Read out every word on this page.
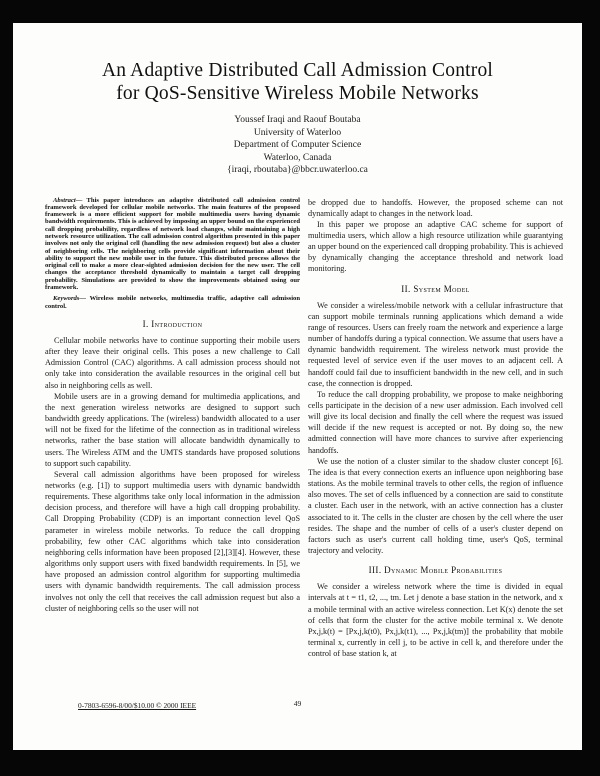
An Adaptive Distributed Call Admission Control
for QoS-Sensitive Wireless Mobile Networks
Youssef Iraqi and Raouf Boutaba
University of Waterloo
Department of Computer Science
Waterloo, Canada
{iraqi, rboutaba}@bbcr.uwaterloo.ca

Abstract— This paper introduces an adaptive distributed call admission control framework developed for cellular mobile networks. The main features of the proposed framework is a more efficient support for mobile multimedia users having dynamic bandwidth requirements. This is achieved by imposing an upper bound on the experienced call dropping probability, regardless of network load changes, while maintaining a high network resource utilization. The call admission control algorithm presented in this paper involves not only the original cell (handling the new admission request) but also a cluster of neighboring cells. The neighboring cells provide significant information about their ability to support the new mobile user in the future. This distributed process allows the original cell to make a more clear-sighted admission decision for the new user. The cell changes the acceptance threshold dynamically to maintain a target call dropping probability. Simulations are provided to show the improvements obtained using our framework.

Keywords— Wireless mobile networks, multimedia traffic, adaptive call admission control.

I. Introduction

Cellular mobile networks have to continue supporting their mobile users after they leave their original cells. This poses a new challenge to Call Admission Control (CAC) algorithms. A call admission process should not only take into consideration the available resources in the original cell but also in neighboring cells as well.

Mobile users are in a growing demand for multimedia applications, and the next generation wireless networks are designed to support such bandwidth greedy applications. The (wireless) bandwidth allocated to a user will not be fixed for the lifetime of the connection as in traditional wireless networks, rather the base station will allocate bandwidth dynamically to users. The Wireless ATM and the UMTS standards have proposed solutions to support such capability.

Several call admission algorithms have been proposed for wireless networks (e.g. [1]) to support multimedia users with dynamic bandwidth requirements. These algorithms take only local information in the admission decision process, and therefore will have a high call dropping probability. Call Dropping Probability (CDP) is an important connection level QoS parameter in wireless mobile networks. To reduce the call dropping probability, few other CAC algorithms which take into consideration neighboring cells information have been proposed [2],[3][4]. However, these algorithms only support users with fixed bandwidth requirements. In [5], we have proposed an admission control algorithm for supporting multimedia users with dynamic bandwidth requirements. The call admission process involves not only the cell that receives the call admission request but also a cluster of neighboring cells so the user will not

be dropped due to handoffs. However, the proposed scheme can not dynamically adapt to changes in the network load.

In this paper we propose an adaptive CAC scheme for support of multimedia users, which allow a high resource utilization while guarantying an upper bound on the experienced call dropping probability. This is achieved by dynamically changing the acceptance threshold and network load monitoring.

II. System Model

We consider a wireless/mobile network with a cellular infrastructure that can support mobile terminals running applications which demand a wide range of resources. Users can freely roam the network and experience a large number of handoffs during a typical connection. We assume that users have a dynamic bandwidth requirement. The wireless network must provide the requested level of service even if the user moves to an adjacent cell. A handoff could fail due to insufficient bandwidth in the new cell, and in such case, the connection is dropped.

To reduce the call dropping probability, we propose to make neighboring cells participate in the decision of a new user admission. Each involved cell will give its local decision and finally the cell where the request was issued will decide if the new request is accepted or not. By doing so, the new admitted connection will have more chances to survive after experiencing handoffs.

We use the notion of a cluster similar to the shadow cluster concept [6]. The idea is that every connection exerts an influence upon neighboring base stations. As the mobile terminal travels to other cells, the region of influence also moves. The set of cells influenced by a connection are said to constitute a cluster. Each user in the network, with an active connection has a cluster associated to it. The cells in the cluster are chosen by the cell where the user resides. The shape and the number of cells of a user's cluster depend on factors such as user's current call holding time, user's QoS, terminal trajectory and velocity.

III. Dynamic Mobile Probabilities

We consider a wireless network where the time is divided in equal intervals at t = t1, t2, ..., tm. Let j denote a base station in the network, and x a mobile terminal with an active wireless connection. Let K(x) denote the set of cells that form the cluster for the active mobile terminal x. We denote Px,j,k(t) = [Px,j,k(t0), Px,j,k(t1), ..., Px,j,k(tm)] the probability that mobile terminal x, currently in cell j, to be active in cell k, and therefore under the control of base station k, at

0-7803-6596-8/00/$10.00 © 2000 IEEE	49
